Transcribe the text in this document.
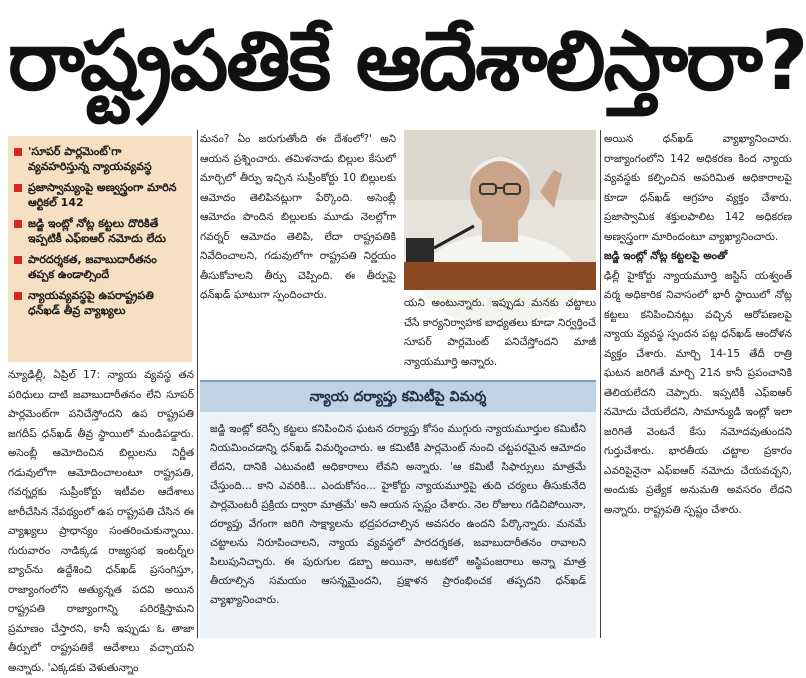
రాష్ట్రపతికే ఆదేశాలిస్తారా?
'సూపర్ పార్లమెంట్'గా వ్యవహరిస్తున్న న్యాయవ్యవస్థ
ప్రజాస్వామ్యంపై అణ్వస్త్రంగా మారిన ఆర్టికల్ 142
జడ్జి ఇంట్లో నోట్ల కట్టలు దొరికితే ఇప్పటికీ ఎఫ్ఐఆర్ నమోదు లేదు
పారదర్శకత, జవాబుదారీతనం తప్పక ఉండాల్సిందే
న్యాయవ్యవస్థపై ఉపరాష్ట్రపతి ధన్‌ఖడ్ తీవ్ర వ్యాఖ్యలు

న్యూఢిల్లీ, ఏప్రిల్ 17: న్యాయ వ్యవస్థ తన పరిధులు దాటి జవాబుదారీతనం లేని సూపర్ పార్లమెంట్‌గా పనిచేస్తోందని ఉప రాష్ట్రపతి జగదీప్ ధన్‌ఖడ్ తీవ్ర స్థాయిలో మండిపడ్డారు. అసెంబ్లీ ఆమోదించిన బిల్లులను నిర్ణీత గడువులోగా ఆమోదించాలంటూ రాష్ట్రపతి, గవర్నర్లకు సుప్రీంకోర్టు ఇటీవల ఆదేశాలు జారీచేసిన నేపథ్యంలో ఉప రాష్ట్రపతి చేసిన ఈ వ్యాఖ్యలు ప్రాధాన్యం సంతరించుకున్నాయి. గురువారం నాడిక్కడ రాజ్యసభ ఇంటర్న్‌ల బ్యాచ్‌ను ఉద్దేశించి ధన్‌ఖడ్ ప్రసంగిస్తూ, రాజ్యాంగంలోని అత్యున్నత పదవి అయిన రాష్ట్రపతి రాజ్యాంగాన్ని పరిరక్షిస్తామని ప్రమాణం చేస్తారని, కానీ ఇప్పుడు ఓ తాజా తీర్పులో రాష్ట్రపతికే ఆదేశాలు వచ్చాయని అన్నారు. 'ఎక్కడకు వెళుతున్నాం

మనం? ఏం జరుగుతోంది ఈ దేశంలో?' అని ఆయన ప్రశ్నించారు. తమిళనాడు బిల్లుల కేసులో మార్చిలో తీర్పు ఇచ్చిన సుప్రీంకోర్టు 10 బిల్లులకు ఆమోదం తెలిపినట్లుగా పేర్కొంది. అసెంబ్లీ ఆమోదం పొందిన బిల్లులకు మూడు నెలల్లోగా గవర్నర్ ఆమోదం తెలిపి, లేదా రాష్ట్రపతికి నివేదించాలని, గడువులోగా రాష్ట్రపతి నిర్ణయం తీసుకోవాలని తీర్పు చెప్పింది. ఈ తీర్పుపై ధన్‌ఖడ్ ఘాటుగా స్పందించారు.

యని అంటున్నారు. ఇప్పుడు మనకు చట్టాలు చేసే కార్యనిర్వాహక బాధ్యతలు కూడా నిర్వర్తించే సూపర్ పార్లమెంట్ పనిచేస్తోందని మాజీ న్యాయమూర్తి అన్నారు.

న్యాయ దర్యాప్తు కమిటీపై విమర్శ

జడ్జి ఇంట్లో కరెన్సీ కట్టలు కనిపించిన ఘటన దర్యాప్తు కోసం ముగ్గురు న్యాయమూర్తుల కమిటీని నియమించడాన్ని ధన్‌ఖడ్ విమర్శించారు. ఆ కమిటీకి పార్లమెంట్ నుంచి చట్టపరమైన ఆమోదం లేదని, దానికి ఎటువంటి అధికారాలు లేవని అన్నారు. 'ఆ కమిటీ సిఫార్సులు మాత్రమే చేస్తుంది... కాని ఎవరికి... ఎందుకోసం... హైకోర్టు న్యాయమూర్తిపై తుది చర్యలు తీసుకునేది పార్లమెంటరీ ప్రక్రియ ద్వారా మాత్రమే' అని ఆయన స్పష్టం చేశారు. నెల రోజులు గడిచిపోయినా, దర్యాప్తు వేగంగా జరిగి సాక్ష్యాలను భద్రపరచాల్సిన అవసరం ఉందని పేర్కొన్నారు. మనమే చట్టాలను నిరూపించాలని, న్యాయ వ్యవస్థలో పారదర్శకత, జవాబుదారీతనం రావాలని పిలుపునిచ్చారు. ఈ పురుగుల డబ్బా అయినా, అటకలో అస్థిపంజరాలు అన్నా మాత్ర తీయాల్సిన సమయం ఆసన్నమైందని, ప్రక్షాళన ప్రారంభించక తప్పదని ధన్‌ఖడ్ వ్యాఖ్యానించారు.

అయిన ధన్‌ఖడ్ వ్యాఖ్యానించారు. రాజ్యాంగంలోని 142 అధికరణ కింద న్యాయ వ్యవస్థకు కల్పించిన అపరిమిత అధికారాలపై కూడా ధన్‌ఖడ్ ఆగ్రహం వ్యక్తం చేశారు. ప్రజాస్వామిక శక్తులపాలిట 142 అధికరణ అణ్వస్త్రంగా మారిందంటూ వ్యాఖ్యానించారు.

జడ్జి ఇంట్లో నోట్ల కట్టలపై అంతో

ఢిల్లీ హైకోర్టు న్యాయమూర్తి జస్టిస్ యశ్వంత్ వర్మ అధికారిక నివాసంలో భారీ స్థాయిలో నోట్ల కట్టలు కనిపించినట్లు వచ్చిన ఆరోపణలపై న్యాయ వ్యవస్థ స్పందన పట్ల ధన్‌ఖడ్ ఆందోళన వ్యక్తం చేశారు. మార్చి 14-15 తేదీ రాత్రి ఘటన జరిగితే మార్చి 21న కానీ ప్రపంచానికి తెలియలేదని చెప్పారు. ఇప్పటికీ ఎఫ్ఐఆర్ నమోదు చేయలేదని, సామాన్యుడి ఇంట్లో ఇలా జరిగితే వెంటనే కేసు నమోదవుతుందని గుర్తుచేశారు. భారతీయ చట్టాల ప్రకారం ఎవరిపైనైనా ఎఫ్ఐఆర్ నమోదు చేయవచ్చని, అందుకు ప్రత్యేక అనుమతి అవసరం లేదని అన్నారు. రాష్ట్రపతి స్పష్టం చేశారు.
